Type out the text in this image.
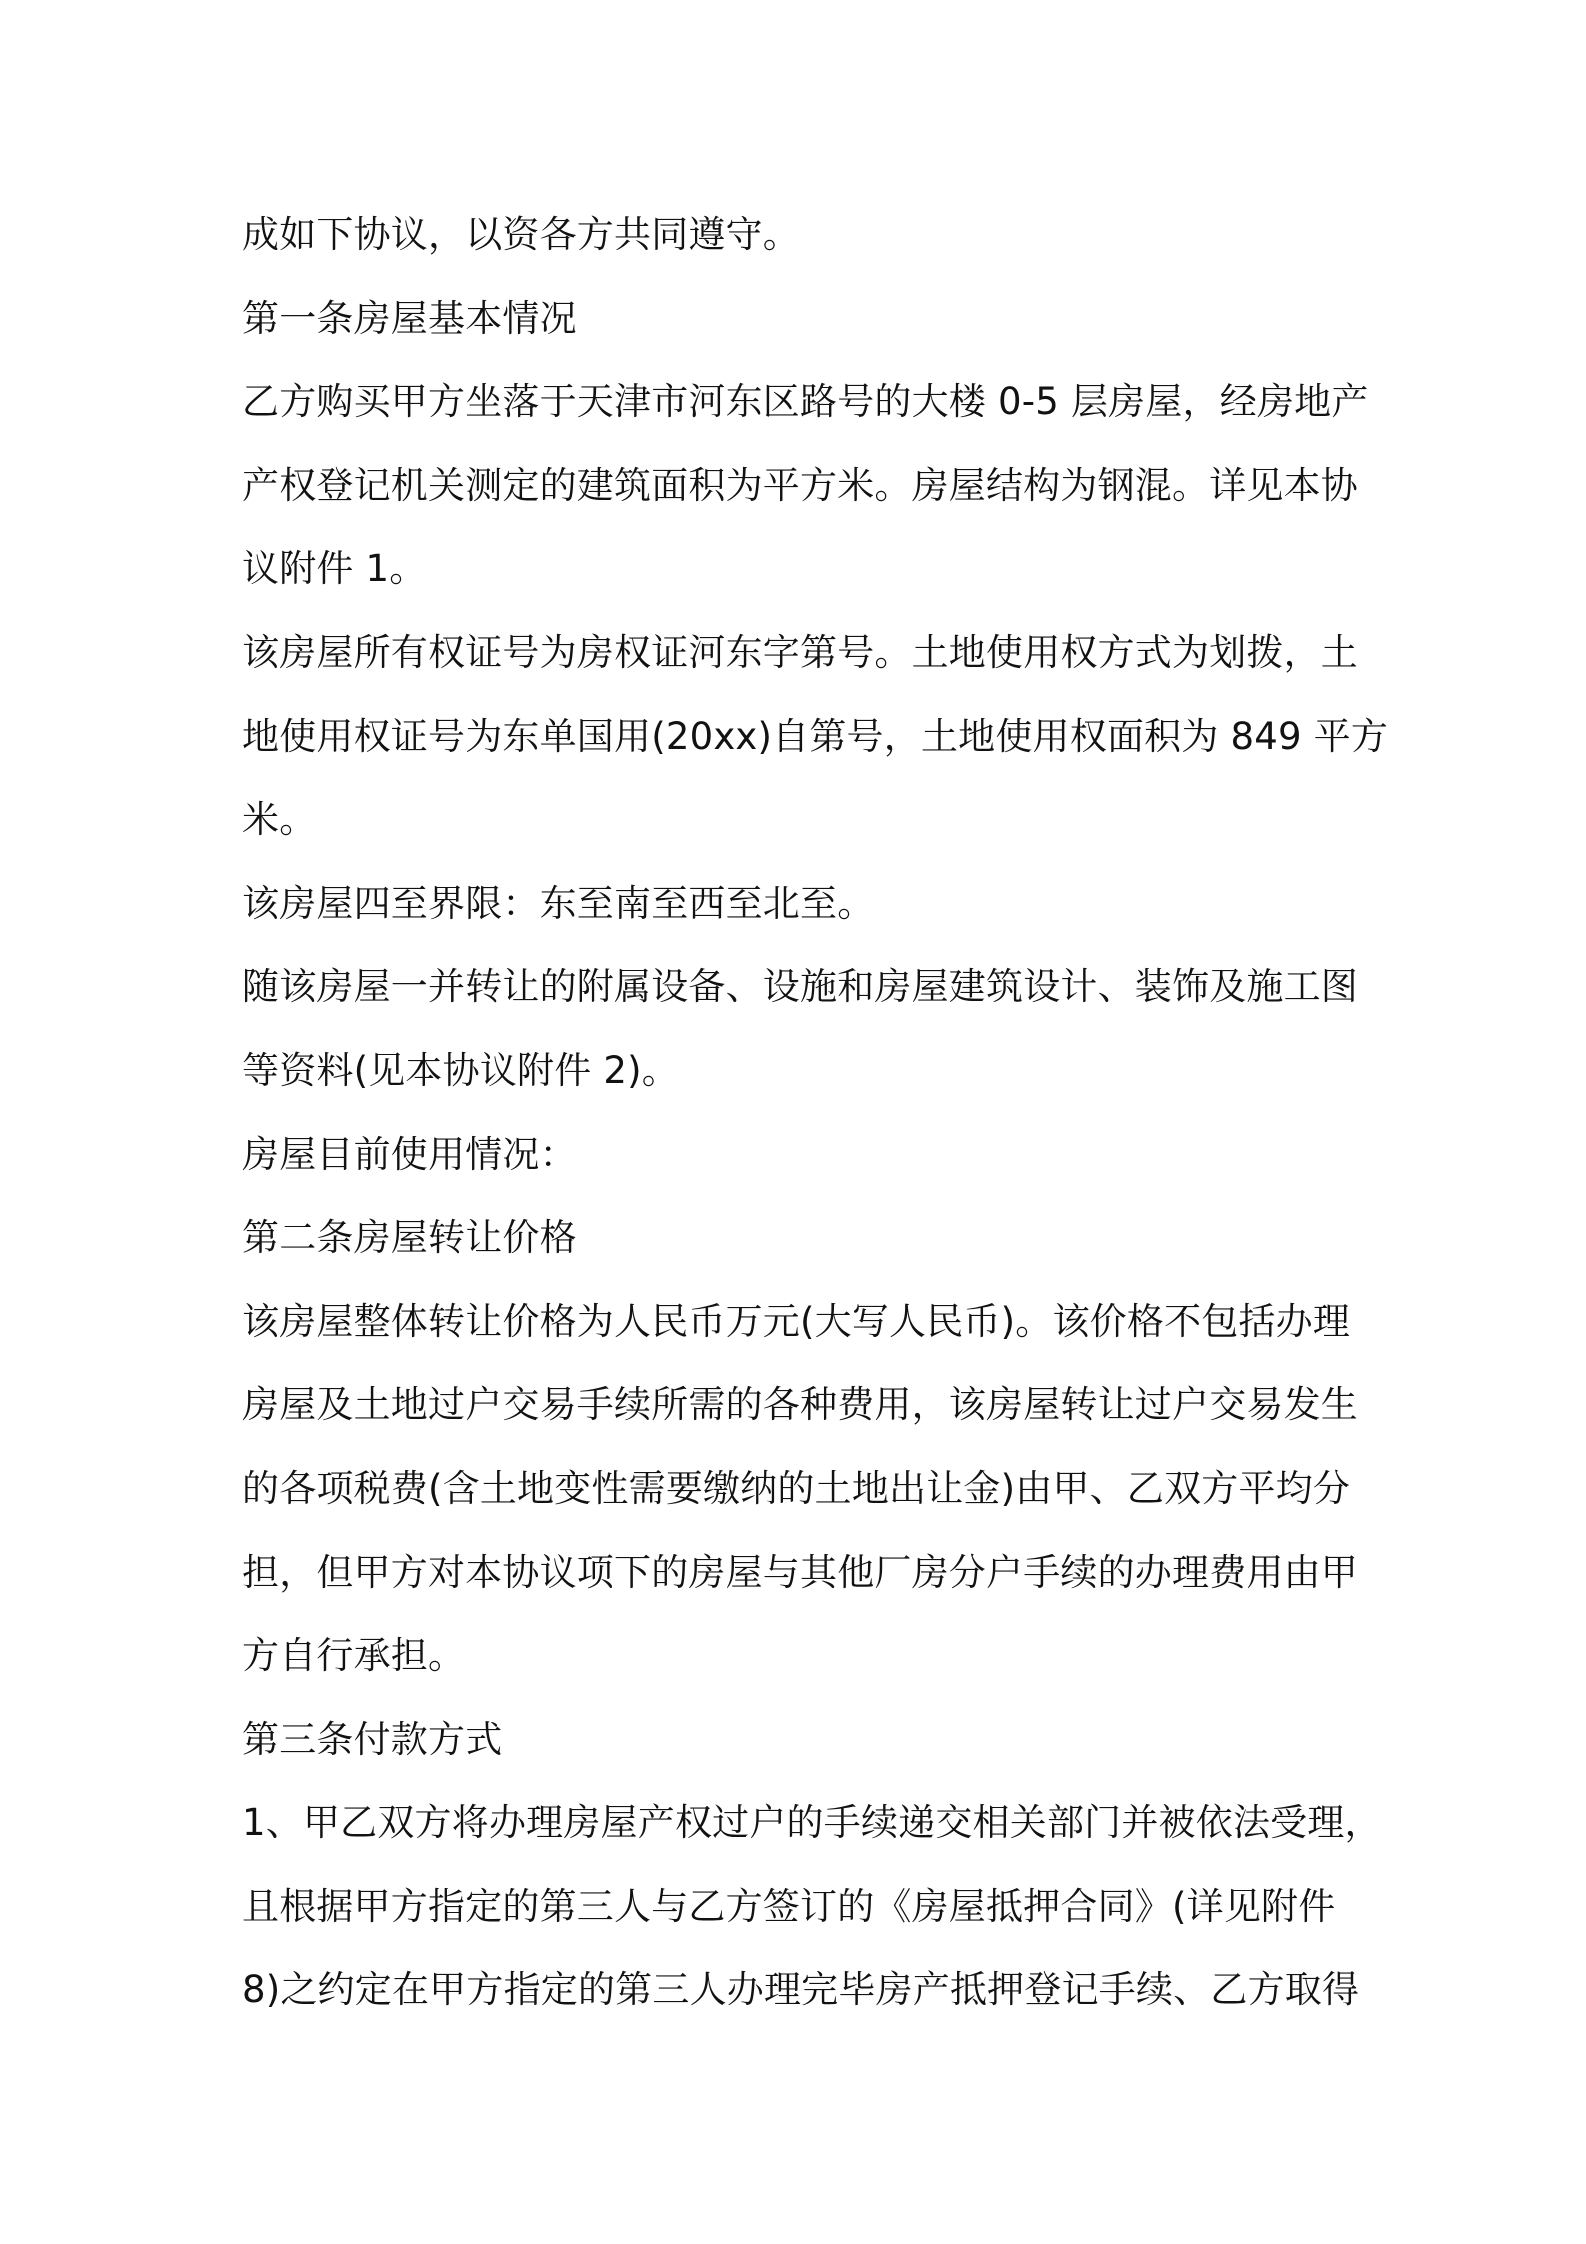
成如下协议，以资各方共同遵守。
第一条房屋基本情况
乙方购买甲方坐落于天津市河东区路号的大楼 0-5 层房屋，经房地产
产权登记机关测定的建筑面积为平方米。房屋结构为钢混。详见本协
议附件 1。
该房屋所有权证号为房权证河东字第号。土地使用权方式为划拨，土
地使用权证号为东单国用(20xx)自第号，土地使用权面积为 849 平方
米。
该房屋四至界限：东至南至西至北至。
随该房屋一并转让的附属设备、设施和房屋建筑设计、装饰及施工图
等资料(见本协议附件 2)。
房屋目前使用情况：
第二条房屋转让价格
该房屋整体转让价格为人民币万元(大写人民币)。该价格不包括办理
房屋及土地过户交易手续所需的各种费用，该房屋转让过户交易发生
的各项税费(含土地变性需要缴纳的土地出让金)由甲、乙双方平均分
担，但甲方对本协议项下的房屋与其他厂房分户手续的办理费用由甲
方自行承担。
第三条付款方式
1、甲乙双方将办理房屋产权过户的手续递交相关部门并被依法受理，
且根据甲方指定的第三人与乙方签订的《房屋抵押合同》(详见附件
8)之约定在甲方指定的第三人办理完毕房产抵押登记手续、乙方取得
